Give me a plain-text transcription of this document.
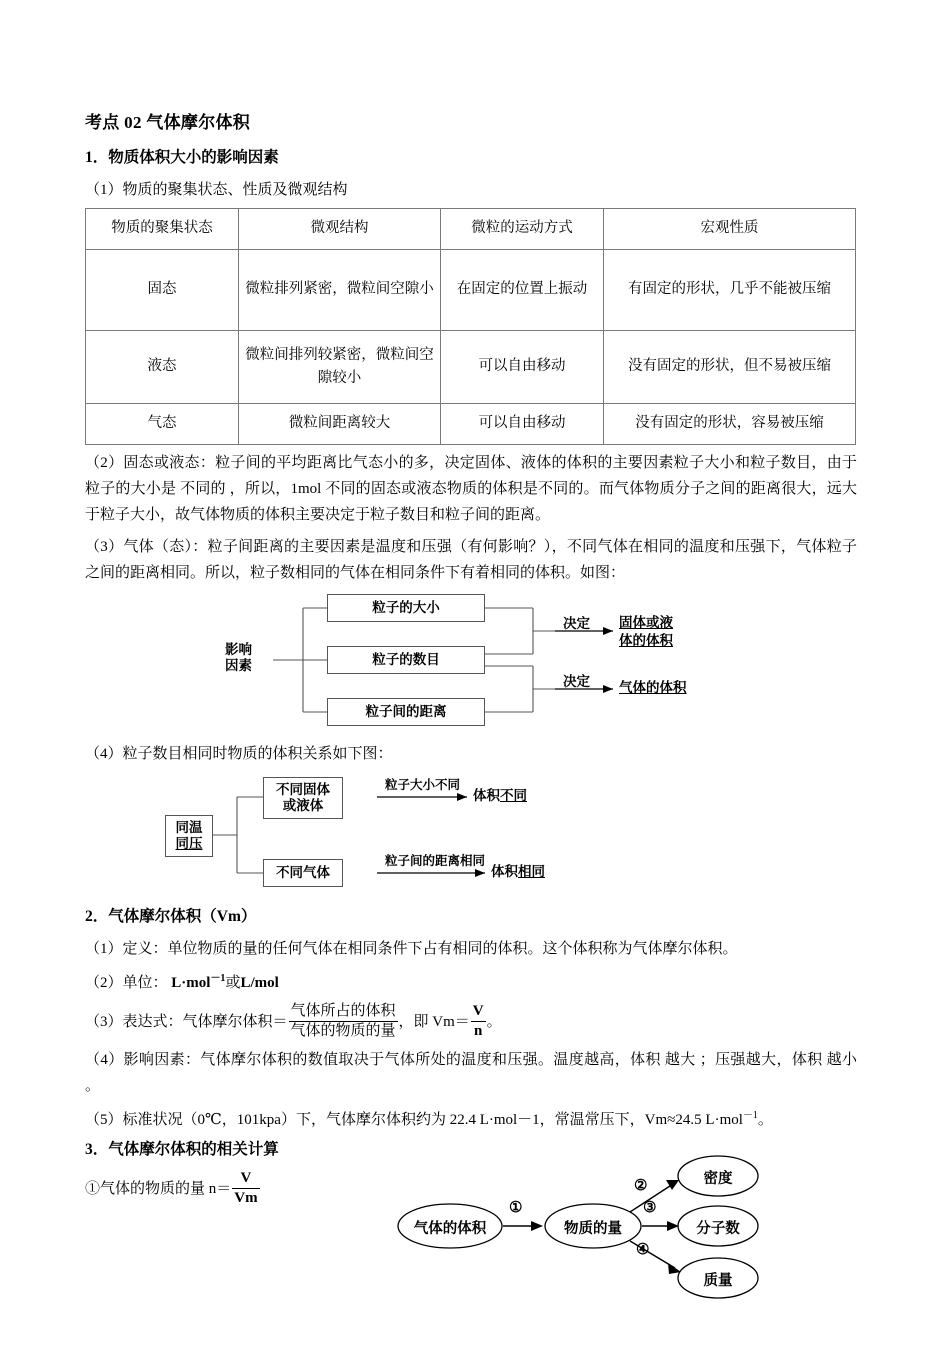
考点 02 气体摩尔体积
1．物质体积大小的影响因素

（1）物质的聚集状态、性质及微观结构

物质的聚集状态	微观结构	微粒的运动方式	宏观性质
固态	微粒排列紧密，微粒间空隙小	在固定的位置上振动	有固定的形状，几乎不能被压缩
液态	微粒间排列较紧密，微粒间空隙较小	可以自由移动	没有固定的形状，但不易被压缩
气态	微粒间距离较大	可以自由移动	没有固定的形状，容易被压缩

（2）固态或液态：粒子间的平均距离比气态小的多，决定固体、液体的体积的主要因素粒子大小和粒子数目，由于粒子的大小是 不同的 ，所以，1mol 不同的固态或液态物质的体积是不同的。而气体物质分子之间的距离很大，远大于粒子大小，故气体物质的体积主要决定于粒子数目和粒子间的距离。

（3）气体（态）：粒子间距离的主要因素是温度和压强（有何影响？），不同气体在相同的温度和压强下，气体粒子之间的距离相同。所以，粒子数相同的气体在相同条件下有着相同的体积。如图：

影响
因素
粒子的大小
粒子的数目
粒子间的距离
决定
决定
固体或液
体的体积
气体的体积

（4）粒子数目相同时物质的体积关系如下图：

同温
同压
不同固体
或液体
不同气体
粒子大小不同
粒子间的距离相同
体积不同
体积相同
2．气体摩尔体积（Vm）

（1）定义：单位物质的量的任何气体在相同条件下占有相同的体积。这个体积称为气体摩尔体积。

（2）单位： L·mol$^{-1}$或L/mol

（3）表达式：气体摩尔体积＝ $\frac{\text{气体所占的体积}}{\text{气体的物质的量}}$ ，即 $Vm= \frac{V}{n}$ 。

（4）影响因素：气体摩尔体积的数值取决于气体所处的温度和压强。温度越高，体积 越大 ；压强越大，体积 越小 。

（5）标准状况（0℃，101kpa）下，气体摩尔体积约为 22.4 L·mol－1，常温常压下，Vm≈24.5 L·mol$^{-1}$。

3．气体摩尔体积的相关计算

①气体的物质的量 $n= \frac{V}{Vm}$

气体的体积	物质的量
密度
分子数
质量
①
②
③
④
